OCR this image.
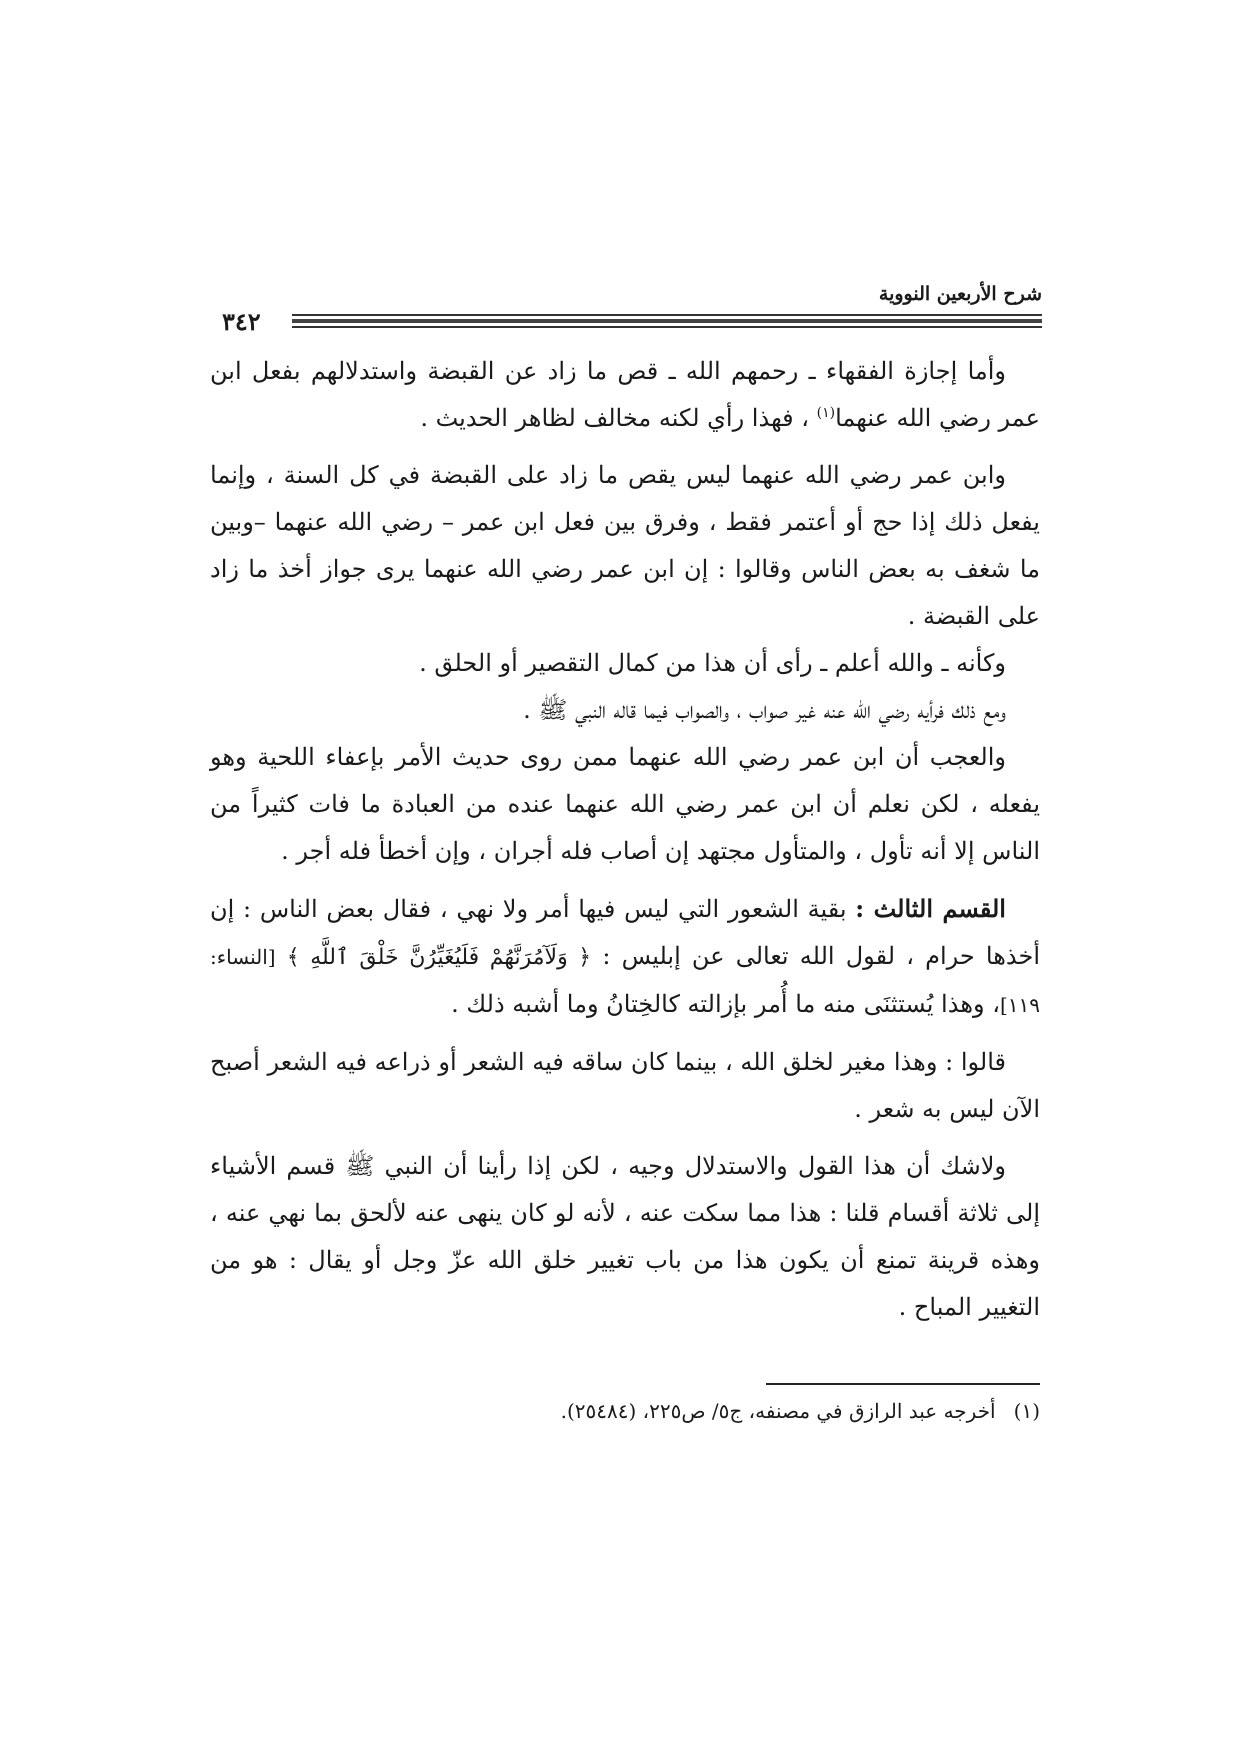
شرح الأربعين النووية
٣٤٢

وأما إجازة الفقهاء ـ رحمهم الله ـ قص ما زاد عن القبضة واستدلالهم بفعل ابن عمر رضي الله عنهما$^{(١)}$ ، فهذا رأي لكنه مخالف لظاهر الحديث .

وابن عمر رضي الله عنهما ليس يقص ما زاد على القبضة في كل السنة ، وإنما يفعل ذلك إذا حج أو أعتمر فقط ، وفرق بين فعل ابن عمر – رضي الله عنهما –وبين ما شغف به بعض الناس وقالوا : إن ابن عمر رضي الله عنهما يرى جواز أخذ ما زاد على القبضة .

وكأنه ـ والله أعلم ـ رأى أن هذا من كمال التقصير أو الحلق .

ومع ذلك فرأيه رضي الله عنه غير صواب ، والصواب فيما قاله النبي ﷺ .

والعجب أن ابن عمر رضي الله عنهما ممن روى حديث الأمر بإعفاء اللحية وهو يفعله ، لكن نعلم أن ابن عمر رضي الله عنهما عنده من العبادة ما فات كثيراً من الناس إلا أنه تأول ، والمتأول مجتهد إن أصاب فله أجران ، وإن أخطأ فله أجر .

القسم الثالث : بقية الشعور التي ليس فيها أمر ولا نهي ، فقال بعض الناس : إن أخذها حرام ، لقول الله تعالى عن إبليس : ﴿ وَلَآمُرَنَّهُمْ فَلَيُغَيِّرُنَّ خَلْقَ ٱللَّهِ ﴾ [النساء: ١١٩]، وهذا يُستثنَى منه ما أُمر بإزالته كالخِتانُ وما أشبه ذلك .

قالوا : وهذا مغير لخلق الله ، بينما كان ساقه فيه الشعر أو ذراعه فيه الشعر أصبح الآن ليس به شعر .

ولاشك أن هذا القول والاستدلال وجيه ، لكن إذا رأينا أن النبي ﷺ قسم الأشياء إلى ثلاثة أقسام قلنا : هذا مما سكت عنه ، لأنه لو كان ينهى عنه لألحق بما نهي عنه ، وهذه قرينة تمنع أن يكون هذا من باب تغيير خلق الله عزّ وجل أو يقال : هو من التغيير المباح .

(١)أخرجه عبد الرازق في مصنفه، ج٥/ ص٢٢٥، (٢٥٤٨٤).
